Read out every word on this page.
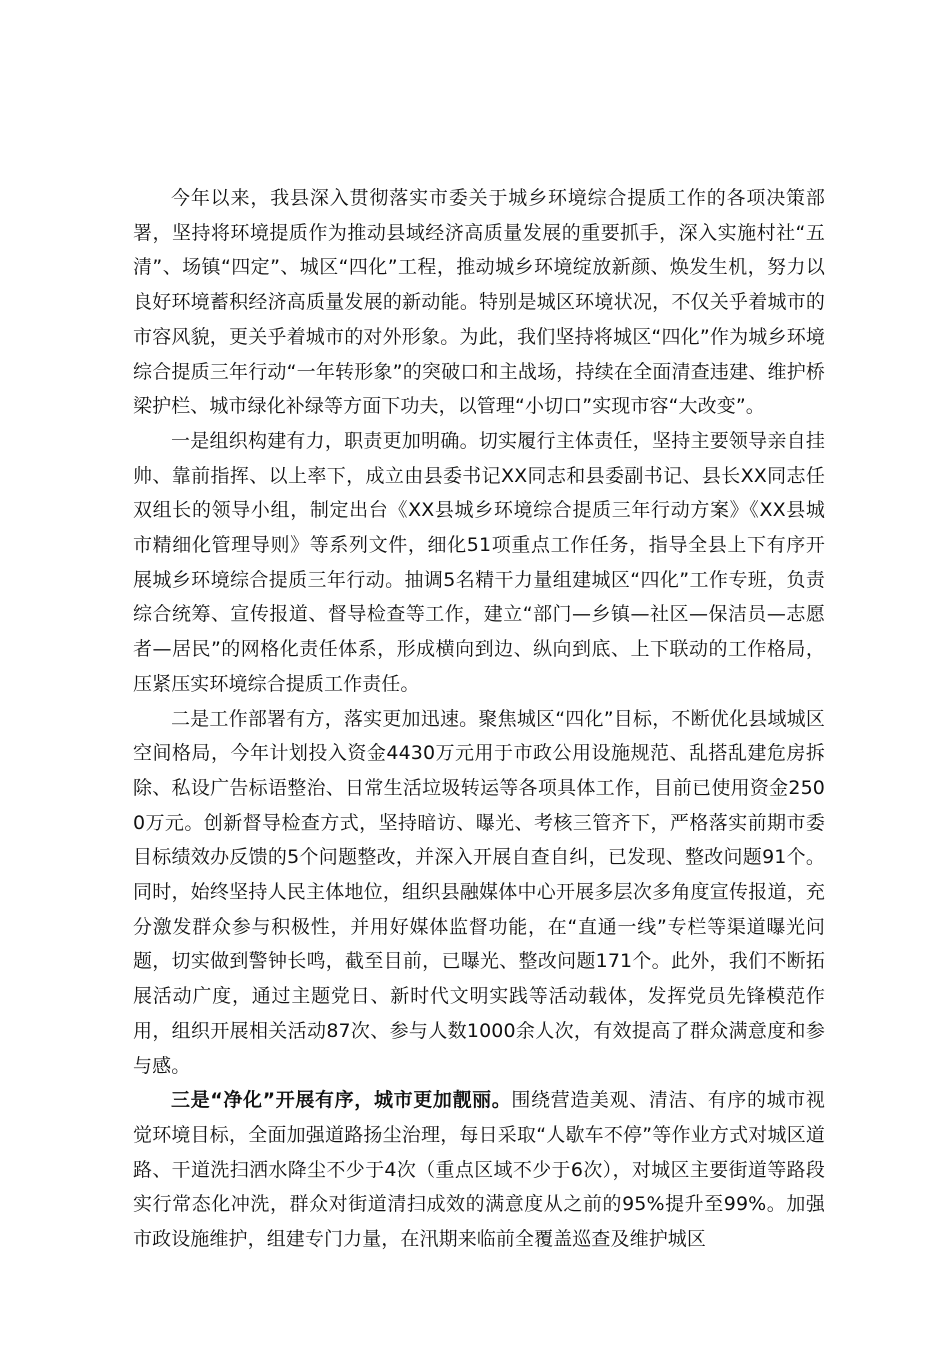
今年以来，我县深入贯彻落实市委关于城乡环境综合提质工作的各项决策部署，坚持将环境提质作为推动县域经济高质量发展的重要抓手，深入实施村社“五清”、场镇“四定”、城区“四化”工程，推动城乡环境绽放新颜、焕发生机，努力以良好环境蓄积经济高质量发展的新动能。特别是城区环境状况，不仅关乎着城市的市容风貌，更关乎着城市的对外形象。为此，我们坚持将城区“四化”作为城乡环境综合提质三年行动“一年转形象”的突破口和主战场，持续在全面清查违建、维护桥梁护栏、城市绿化补绿等方面下功夫，以管理“小切口”实现市容“大改变”。

一是组织构建有力，职责更加明确。切实履行主体责任，坚持主要领导亲自挂帅、靠前指挥、以上率下，成立由县委书记XX同志和县委副书记、县长XX同志任双组长的领导小组，制定出台《XX县城乡环境综合提质三年行动方案》《XX县城市精细化管理导则》等系列文件，细化51项重点工作任务，指导全县上下有序开展城乡环境综合提质三年行动。抽调5名精干力量组建城区“四化”工作专班，负责综合统筹、宣传报道、督导检查等工作，建立“部门—乡镇—社区—保洁员—志愿者—居民”的网格化责任体系，形成横向到边、纵向到底、上下联动的工作格局，压紧压实环境综合提质工作责任。

二是工作部署有方，落实更加迅速。聚焦城区“四化”目标，不断优化县域城区空间格局，今年计划投入资金4430万元用于市政公用设施规范、乱搭乱建危房拆除、私设广告标语整治、日常生活垃圾转运等各项具体工作，目前已使用资金2500万元。创新督导检查方式，坚持暗访、曝光、考核三管齐下，严格落实前期市委目标绩效办反馈的5个问题整改，并深入开展自查自纠，已发现、整改问题91个。同时，始终坚持人民主体地位，组织县融媒体中心开展多层次多角度宣传报道，充分激发群众参与积极性，并用好媒体监督功能，在“直通一线”专栏等渠道曝光问题，切实做到警钟长鸣，截至目前，已曝光、整改问题171个。此外，我们不断拓展活动广度，通过主题党日、新时代文明实践等活动载体，发挥党员先锋模范作用，组织开展相关活动87次、参与人数1000余人次，有效提高了群众满意度和参与感。

三是“净化”开展有序，城市更加靓丽。围绕营造美观、清洁、有序的城市视觉环境目标，全面加强道路扬尘治理，每日采取“人歇车不停”等作业方式对城区道路、干道洗扫洒水降尘不少于4次（重点区域不少于6次），对城区主要街道等路段实行常态化冲洗，群众对街道清扫成效的满意度从之前的95%提升至99%。加强市政设施维护，组建专门力量，在汛期来临前全覆盖巡查及维护城区
